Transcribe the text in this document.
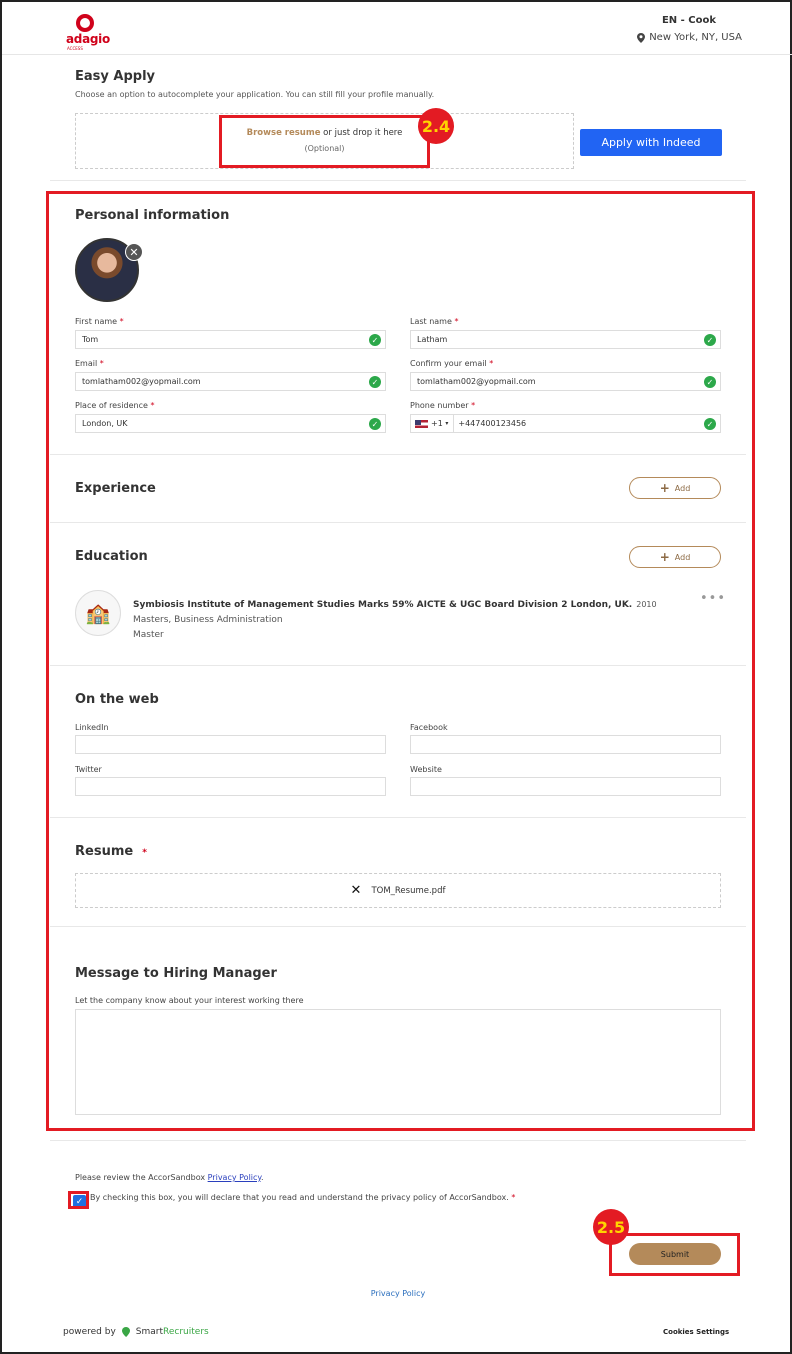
adagio
ACCESS
EN - Cook
New York, NY, USA
Easy Apply
Choose an option to autocomplete your application. You can still fill your profile manually.
Browse resume or just drop it here
(Optional)	Apply with Indeed
2.4
Personal information
✕
First name *
Tom	✓
Last name *
Latham	✓
Email *
tomlatham002@yopmail.com	✓
Confirm your email *
tomlatham002@yopmail.com	✓
Place of residence *
London, UK	✓
Phone number *
+1
▾ +447400123456	✓
Experience	+ Add
Education	+ Add
🏫	Symbiosis Institute of Management Studies Marks 59% AICTE & UGC Board Division 2 London, UK. 2010
Masters, Business Administration
Master
•••
On the web
LinkedIn	Facebook
Twitter	Website
Resume *
✕ TOM_Resume.pdf
Message to Hiring Manager
Let the company know about your interest working there
Please review the AccorSandbox Privacy Policy.
✓ By checking this box, you will declare that you read and understand the privacy policy of AccorSandbox. *
Submit
2.5
Privacy Policy
powered by SmartRecruiters	Cookies Settings
